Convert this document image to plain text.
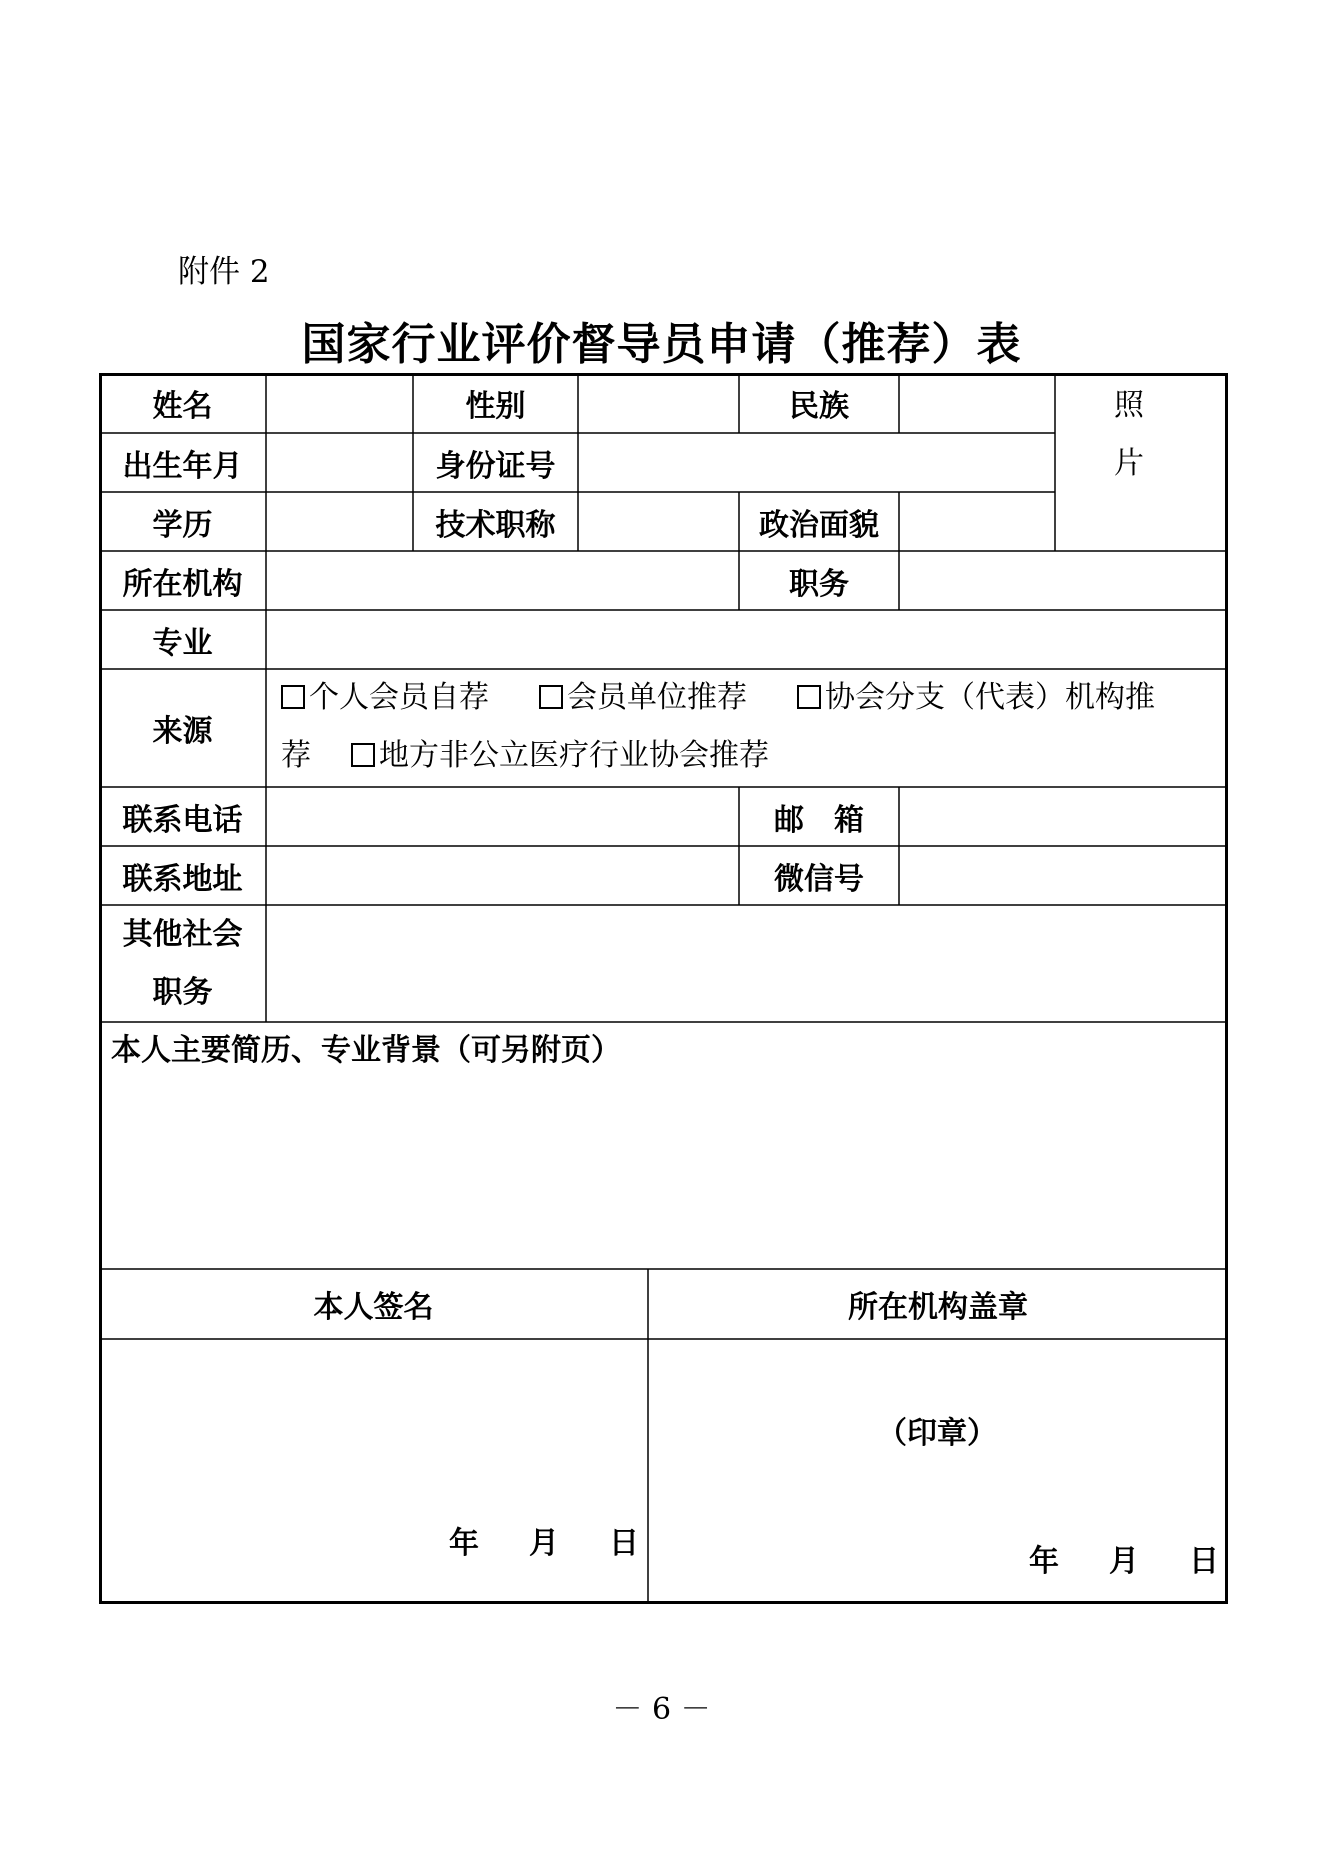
附件 2
国家行业评价督导员申请（推荐）表
姓名	性别	民族	照
片
出生年月	身份证号
学历	技术职称	政治面貌
所在机构	职务
专业
来源
个人会员自荐	会员单位推荐	协会分支（代表）机构推
荐 地方非公立医疗行业协会推荐
联系电话	邮　箱
联系地址	微信号
其他社会
职务
本人主要简历、专业背景（可另附页）
本人签名	所在机构盖章
（印章）
年 月 日
年 月 日
－ 6 －
